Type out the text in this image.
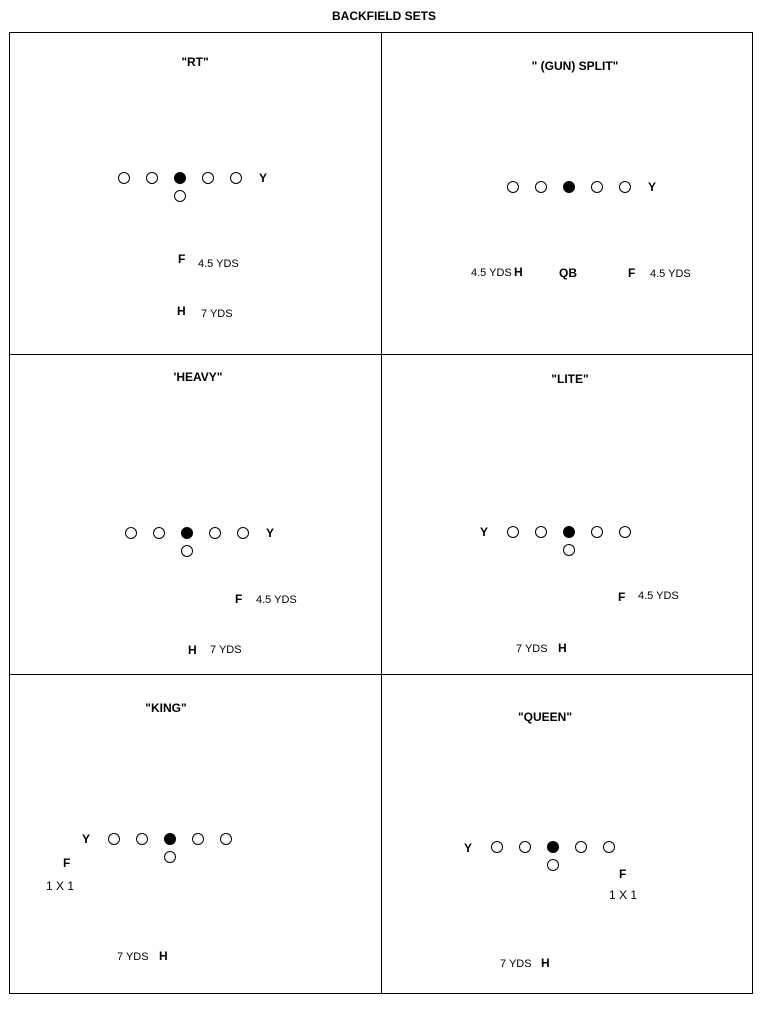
BACKFIELD SETS
"RT"
Y
F 4.5 YDS
H 7 YDS
" (GUN) SPLIT"
Y
4.5 YDS H	QB	F 4.5 YDS
'HEAVY"
Y
F 4.5 YDS
H 7 YDS
"LITE"
Y
F 4.5 YDS
7 YDS H
"KING"
Y
F
1 X 1
7 YDS H
"QUEEN"
Y
F
1 X 1
7 YDS H
